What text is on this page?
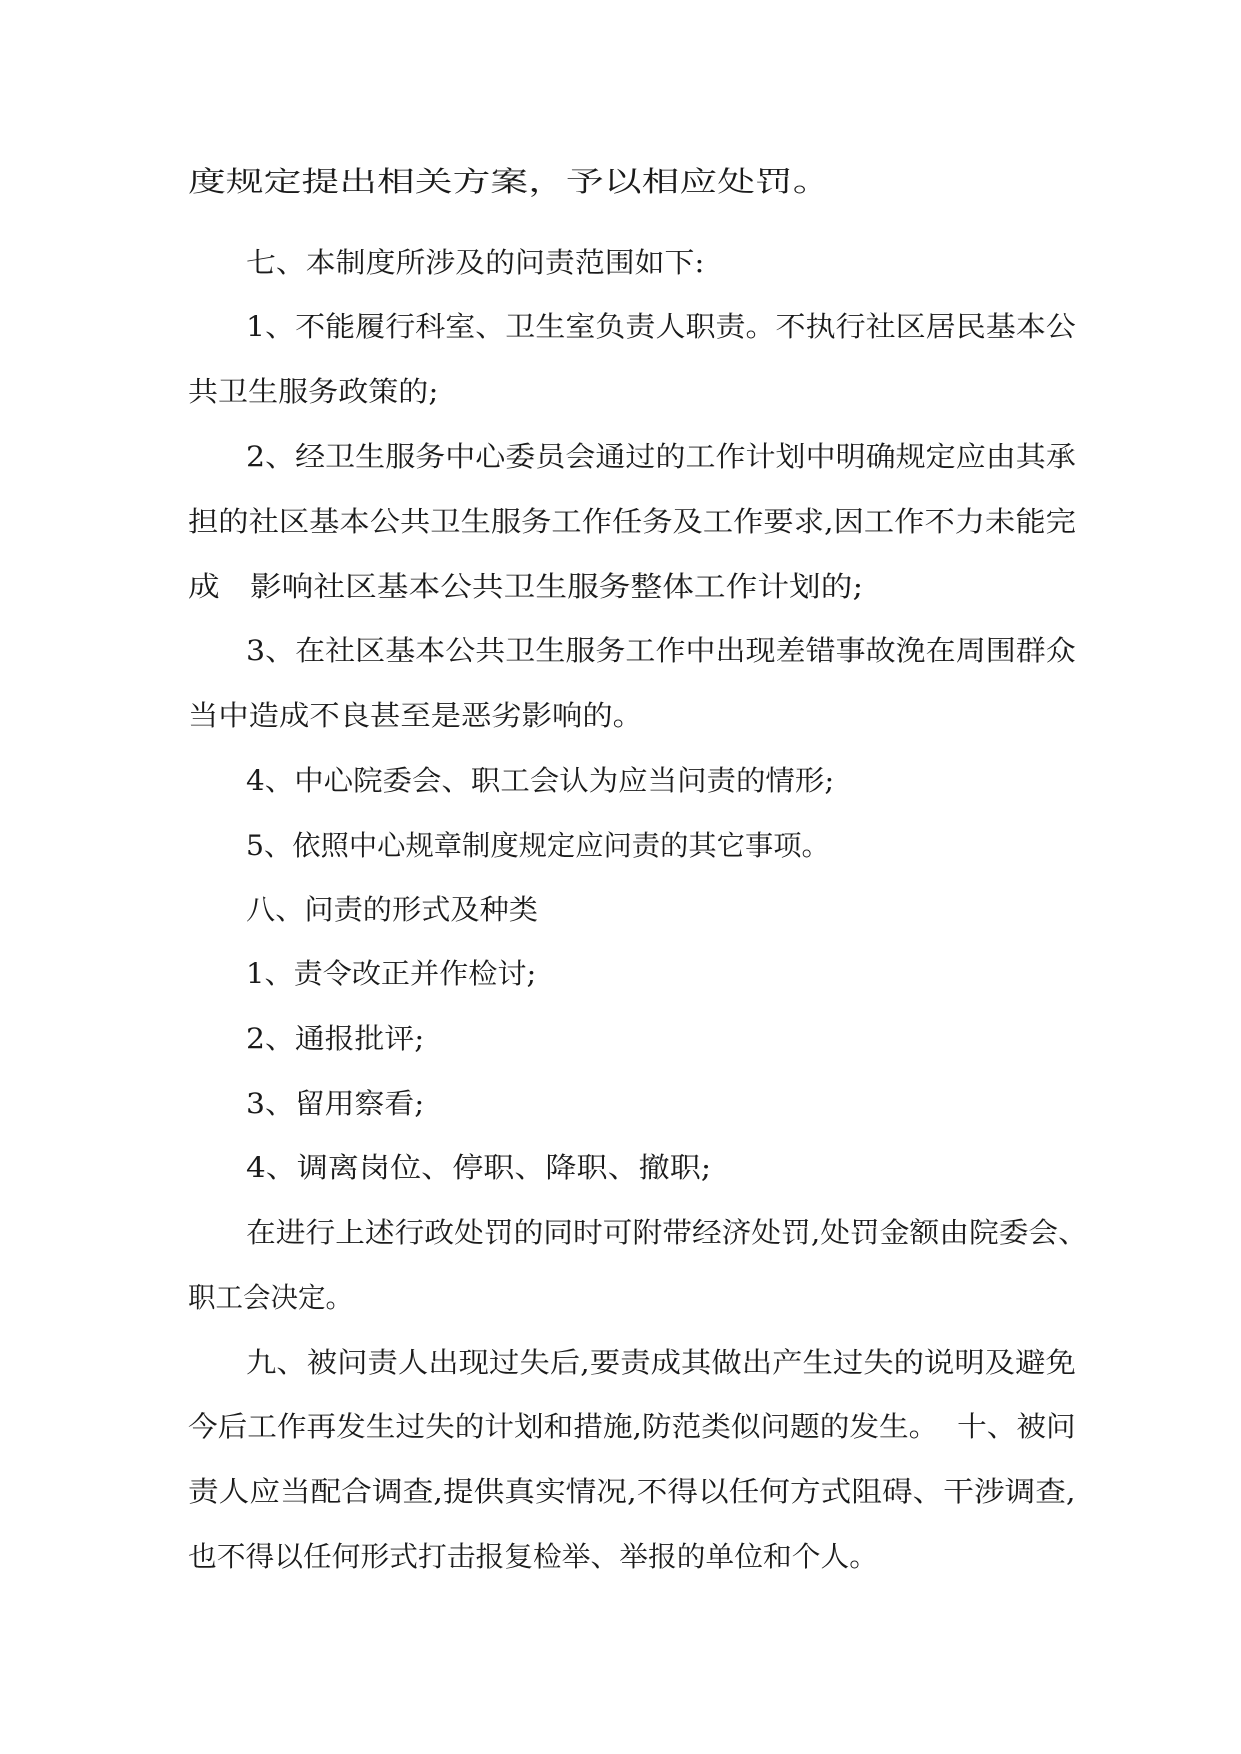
度规定提出相关方案，予以相应处罚。
七、本制度所涉及的问责范围如下:
1、不能履行科室、卫生室负责人职责。不执行社区居民基本公
共卫生服务政策的;
2、经卫生服务中心委员会通过的工作计划中明确规定应由其承
担的社区基本公共卫生服务工作任务及工作要求,因工作不力未能完
成   影响社区基本公共卫生服务整体工作计划的;
3、在社区基本公共卫生服务工作中出现差错事故浼在周围群众
当中造成不良甚至是恶劣影响的。
4、中心院委会、职工会认为应当问责的情形;
5、依照中心规章制度规定应问责的其它事项。
八、问责的形式及种类
1、责令改正并作检讨;
2、通报批评;
3、留用察看;
4、调离岗位、停职、降职、撤职;
在进行上述行政处罚的同时可附带经济处罚,处罚金额由院委会、
职工会决定。
九、被问责人出现过失后,要责成其做出产生过失的说明及避免
今后工作再发生过失的计划和措施,防范类似问题的发生。  十、被问
责人应当配合调查,提供真实情况,不得以任何方式阻碍、干涉调查,
也不得以任何形式打击报复检举、举报的单位和个人。
